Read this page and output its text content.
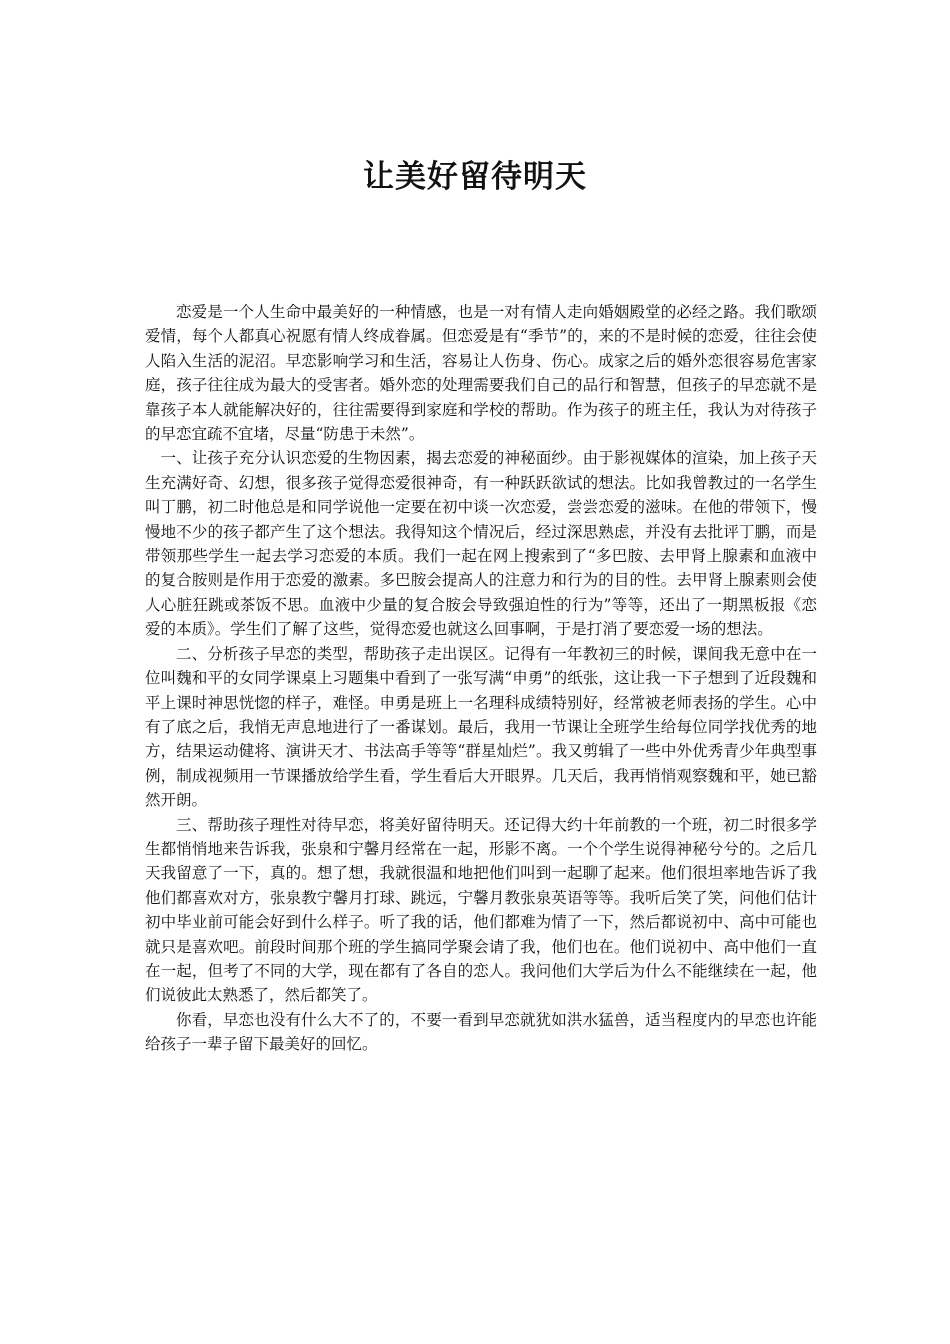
让美好留待明天

恋爱是一个人生命中最美好的一种情感，也是一对有情人走向婚姻殿堂的必经之路。我们歌颂爱情，每个人都真心祝愿有情人终成眷属。但恋爱是有“季节”的，来的不是时候的恋爱，往往会使人陷入生活的泥沼。早恋影响学习和生活，容易让人伤身、伤心。成家之后的婚外恋很容易危害家庭，孩子往往成为最大的受害者。婚外恋的处理需要我们自己的品行和智慧，但孩子的早恋就不是靠孩子本人就能解决好的，往往需要得到家庭和学校的帮助。作为孩子的班主任，我认为对待孩子的早恋宜疏不宜堵，尽量“防患于未然”。

一、让孩子充分认识恋爱的生物因素，揭去恋爱的神秘面纱。由于影视媒体的渲染，加上孩子天生充满好奇、幻想，很多孩子觉得恋爱很神奇，有一种跃跃欲试的想法。比如我曾教过的一名学生叫丁鹏，初二时他总是和同学说他一定要在初中谈一次恋爱，尝尝恋爱的滋味。在他的带领下，慢慢地不少的孩子都产生了这个想法。我得知这个情况后，经过深思熟虑，并没有去批评丁鹏，而是带领那些学生一起去学习恋爱的本质。我们一起在网上搜索到了“多巴胺、去甲肾上腺素和血液中的复合胺则是作用于恋爱的激素。多巴胺会提高人的注意力和行为的目的性。去甲肾上腺素则会使人心脏狂跳或茶饭不思。血液中少量的复合胺会导致强迫性的行为”等等，还出了一期黑板报《恋爱的本质》。学生们了解了这些，觉得恋爱也就这么回事啊，于是打消了要恋爱一场的想法。

二、分析孩子早恋的类型，帮助孩子走出误区。记得有一年教初三的时候，课间我无意中在一位叫魏和平的女同学课桌上习题集中看到了一张写满“申勇”的纸张，这让我一下子想到了近段魏和平上课时神思恍惚的样子，难怪。申勇是班上一名理科成绩特别好，经常被老师表扬的学生。心中有了底之后，我悄无声息地进行了一番谋划。最后，我用一节课让全班学生给每位同学找优秀的地方，结果运动健将、演讲天才、书法高手等等“群星灿烂”。我又剪辑了一些中外优秀青少年典型事例，制成视频用一节课播放给学生看，学生看后大开眼界。几天后，我再悄悄观察魏和平，她已豁然开朗。

三、帮助孩子理性对待早恋，将美好留待明天。还记得大约十年前教的一个班，初二时很多学生都悄悄地来告诉我，张泉和宁馨月经常在一起，形影不离。一个个学生说得神秘兮兮的。之后几天我留意了一下，真的。想了想，我就很温和地把他们叫到一起聊了起来。他们很坦率地告诉了我他们都喜欢对方，张泉教宁馨月打球、跳远，宁馨月教张泉英语等等。我听后笑了笑，问他们估计初中毕业前可能会好到什么样子。听了我的话，他们都难为情了一下，然后都说初中、高中可能也就只是喜欢吧。前段时间那个班的学生搞同学聚会请了我，他们也在。他们说初中、高中他们一直在一起，但考了不同的大学，现在都有了各自的恋人。我问他们大学后为什么不能继续在一起，他们说彼此太熟悉了，然后都笑了。

你看，早恋也没有什么大不了的，不要一看到早恋就犹如洪水猛兽，适当程度内的早恋也许能给孩子一辈子留下最美好的回忆。
